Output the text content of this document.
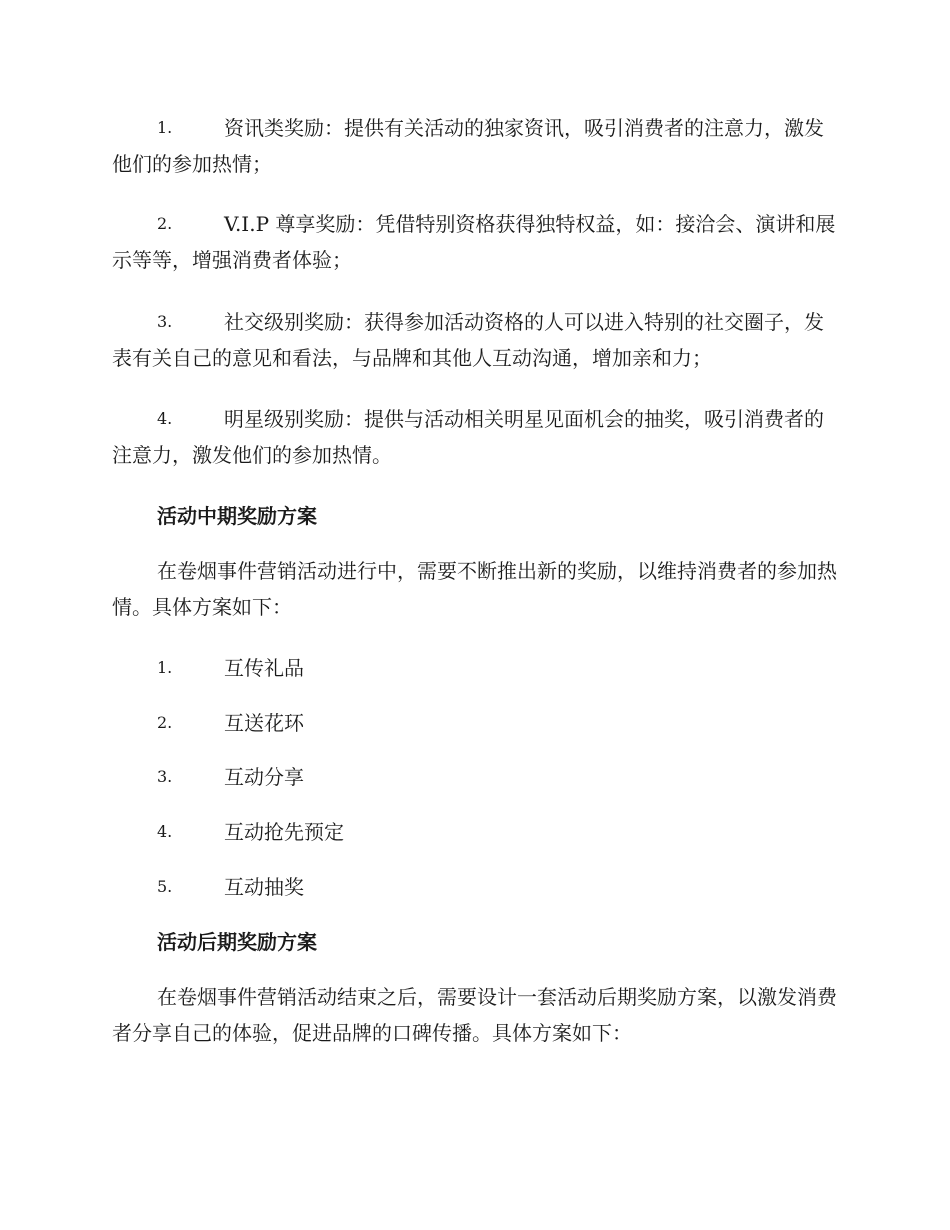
1.	资讯类奖励：提供有关活动的独家资讯，吸引消费者的注意力，激发他们的参加热情；
2.	V.I.P 尊享奖励：凭借特别资格获得独特权益，如：接洽会、演讲和展示等等，增强消费者体验；
3.	社交级别奖励：获得参加活动资格的人可以进入特别的社交圈子，发表有关自己的意见和看法，与品牌和其他人互动沟通，增加亲和力；
4.	明星级别奖励：提供与活动相关明星见面机会的抽奖，吸引消费者的注意力，激发他们的参加热情。
活动中期奖励方案
在卷烟事件营销活动进行中，需要不断推出新的奖励，以维持消费者的参加热情。具体方案如下：
1.	互传礼品
2.	互送花环
3.	互动分享
4.	互动抢先预定
5.	互动抽奖
活动后期奖励方案
在卷烟事件营销活动结束之后，需要设计一套活动后期奖励方案，以激发消费者分享自己的体验，促进品牌的口碑传播。具体方案如下：
